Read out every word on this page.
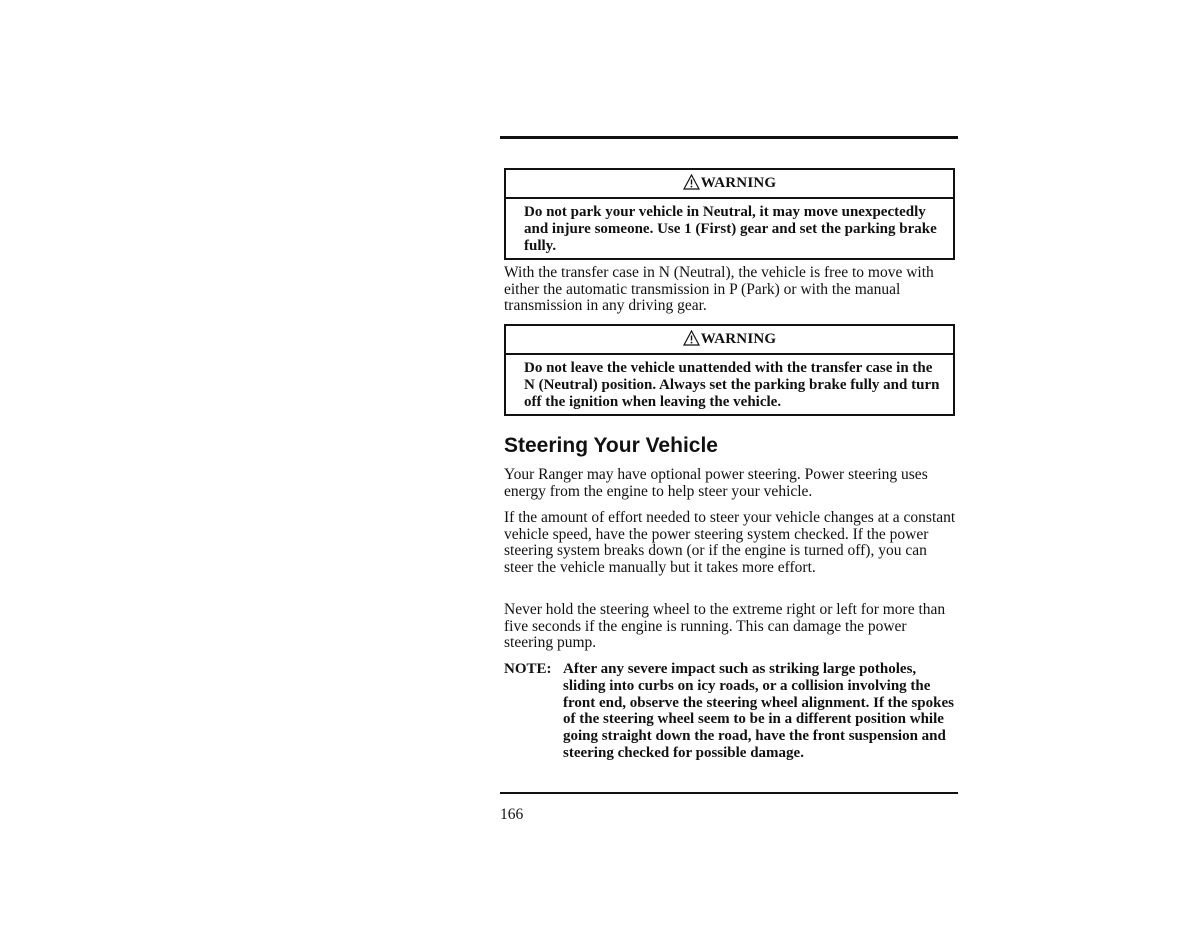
WARNING
Do not park your vehicle in Neutral, it may move unexpectedly and injure someone. Use 1 (First) gear and set the parking brake fully.
With the transfer case in N (Neutral), the vehicle is free to move with either the automatic transmission in P (Park) or with the manual transmission in any driving gear.
WARNING
Do not leave the vehicle unattended with the transfer case in the N (Neutral) position. Always set the parking brake fully and turn off the ignition when leaving the vehicle.
Steering Your Vehicle
Your Ranger may have optional power steering. Power steering uses energy from the engine to help steer your vehicle.
If the amount of effort needed to steer your vehicle changes at a constant vehicle speed, have the power steering system checked. If the power steering system breaks down (or if the engine is turned off), you can steer the vehicle manually but it takes more effort.
Never hold the steering wheel to the extreme right or left for more than five seconds if the engine is running. This can damage the power steering pump.
NOTE: After any severe impact such as striking large potholes, sliding into curbs on icy roads, or a collision involving the front end, observe the steering wheel alignment. If the spokes of the steering wheel seem to be in a different position while going straight down the road, have the front suspension and steering checked for possible damage.
166
